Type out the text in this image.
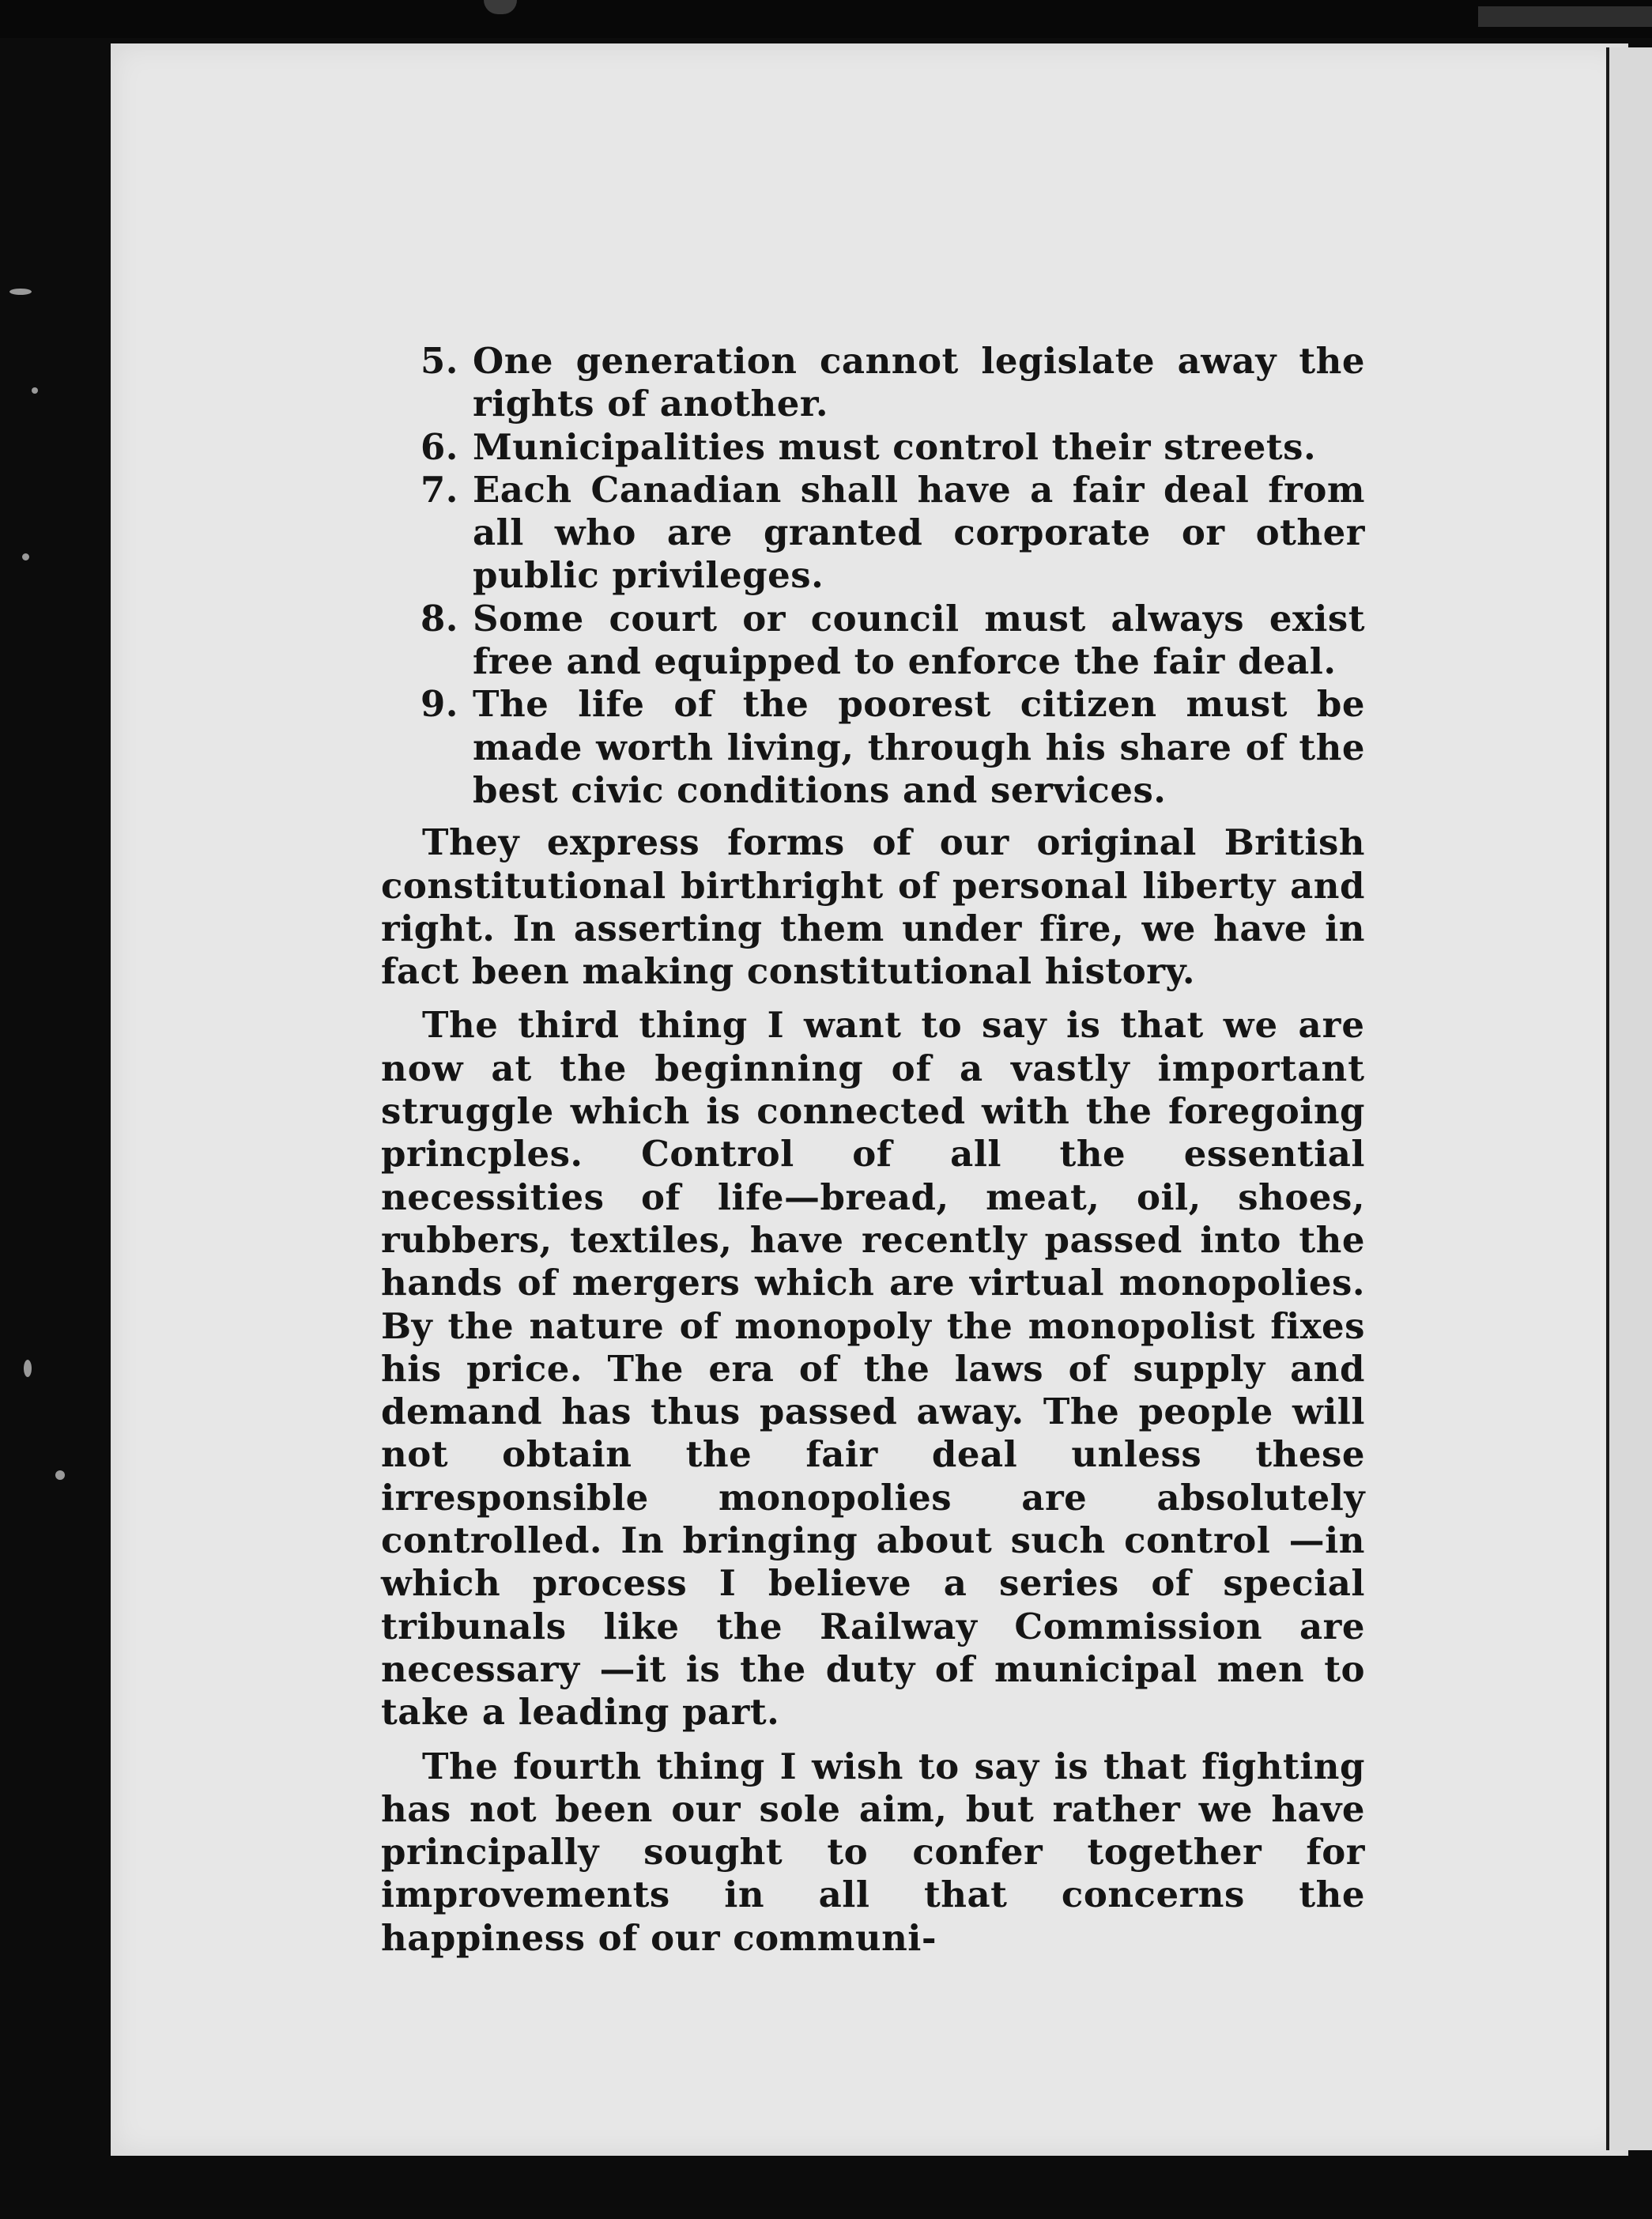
5. One generation cannot legislate away the rights of another.
6. Municipalities must control their streets.
7. Each Canadian shall have a fair deal from all who are granted corporate or other public privileges.
8. Some court or council must always exist free and equipped to enforce the fair deal.
9. The life of the poorest citizen must be made worth living, through his share of the best civic conditions and services.

They express forms of our original British constitutional birthright of personal liberty and right. In asserting them under fire, we have in fact been making constitutional history.

The third thing I want to say is that we are now at the beginning of a vastly important struggle which is connected with the foregoing princples. Control of all the essential necessities of life—bread, meat, oil, shoes, rubbers, textiles, have recently passed into the hands of mergers which are virtual monopolies. By the nature of monopoly the monopolist fixes his price. The era of the laws of supply and demand has thus passed away. The people will not obtain the fair deal unless these irresponsible monopolies are absolutely controlled. In bringing about such control —in which process I believe a series of special tribunals like the Railway Commission are necessary —it is the duty of municipal men to take a leading part.

The fourth thing I wish to say is that fighting has not been our sole aim, but rather we have principally sought to confer together for improvements in all that concerns the happiness of our communi-
